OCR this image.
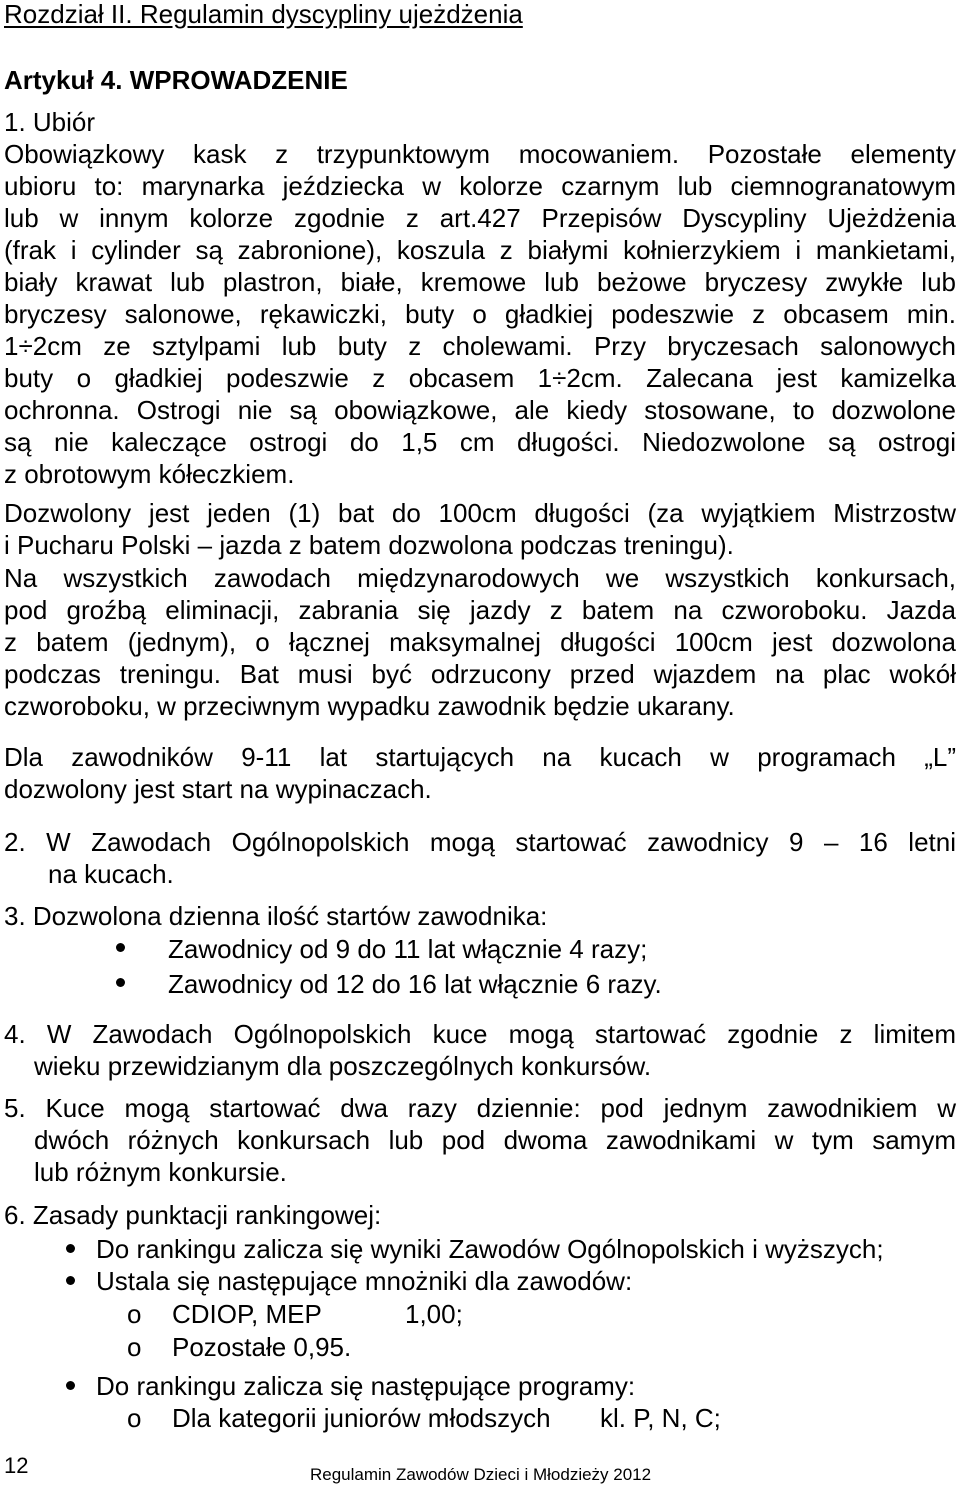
Rozdział II. Regulamin dyscypliny ujeżdżenia
Artykuł 4. WPROWADZENIE
1. Ubiór
Obowiązkowy kask z trzypunktowym mocowaniem. Pozostałe elementy
ubioru to: marynarka jeździecka w kolorze czarnym lub ciemnogranatowym
lub w innym kolorze zgodnie z art.427 Przepisów Dyscypliny Ujeżdżenia
(frak i cylinder są zabronione), koszula z białymi kołnierzykiem i mankietami,
biały krawat lub plastron, białe, kremowe lub beżowe bryczesy zwykłe lub
bryczesy salonowe, rękawiczki, buty o gładkiej podeszwie z obcasem min.
1÷2cm ze sztylpami lub buty z cholewami. Przy bryczesach salonowych
buty o gładkiej podeszwie z obcasem 1÷2cm. Zalecana jest kamizelka
ochronna. Ostrogi nie są obowiązkowe, ale kiedy stosowane, to dozwolone
są nie kaleczące ostrogi do 1,5 cm długości. Niedozwolone są ostrogi
z obrotowym kółeczkiem.
Dozwolony jest jeden (1) bat do 100cm długości (za wyjątkiem Mistrzostw
i Pucharu Polski – jazda z batem dozwolona podczas treningu).
Na wszystkich zawodach międzynarodowych we wszystkich konkursach,
pod groźbą eliminacji, zabrania się jazdy z batem na czworoboku. Jazda
z batem (jednym), o łącznej maksymalnej długości 100cm jest dozwolona
podczas treningu. Bat musi być odrzucony przed wjazdem na plac wokół
czworoboku, w przeciwnym wypadku zawodnik będzie ukarany.
Dla zawodników 9-11 lat startujących na kucach w programach „L”
dozwolony jest start na wypinaczach.
2. W Zawodach Ogólnopolskich mogą startować zawodnicy 9 – 16 letni
na kucach.
3. Dozwolona dzienna ilość startów zawodnika:
Zawodnicy od 9 do 11 lat włącznie 4 razy;
Zawodnicy od 12 do 16 lat włącznie 6 razy.
4. W Zawodach Ogólnopolskich kuce mogą startować zgodnie z limitem
wieku przewidzianym dla poszczególnych konkursów.
5. Kuce mogą startować dwa razy dziennie: pod jednym zawodnikiem w
dwóch różnych konkursach lub pod dwoma zawodnikami w tym samym
lub różnym konkursie.
6. Zasady punktacji rankingowej:
Do rankingu zalicza się wyniki Zawodów Ogólnopolskich i wyższych;
Ustala się następujące mnożniki dla zawodów:
o CDIOP, MEP	1,00;
o Pozostałe 0,95.
Do rankingu zalicza się następujące programy:
o Dla kategorii juniorów młodszych kl. P, N, C;
12	Regulamin Zawodów Dzieci i Młodzieży 2012
